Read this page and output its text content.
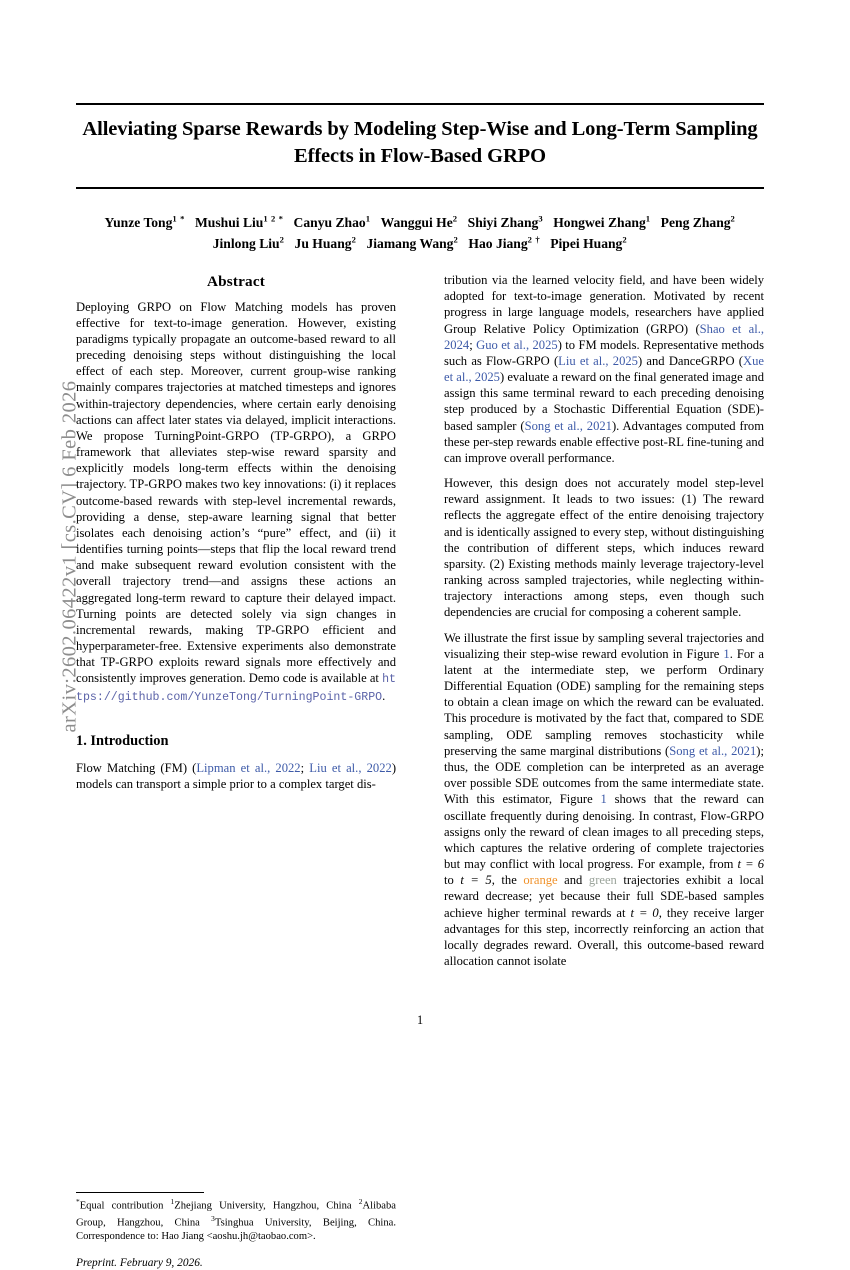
arXiv:2602.06422v1 [cs.CV] 6 Feb 2026
Alleviating Sparse Rewards by Modeling Step-Wise and Long-Term Sampling Effects in Flow-Based GRPO
Yunze Tong$^{1 *}$ Mushui Liu$^{1 2 *}$ Canyu Zhao$^1$ Wanggui He$^2$ Shiyi Zhang$^3$ Hongwei Zhang$^1$ Peng Zhang$^2$
Jinlong Liu$^2$ Ju Huang$^2$ Jiamang Wang$^2$ Hao Jiang$^{2 \dagger}$ Pipei Huang$^2$
Abstract
Deploying GRPO on Flow Matching models has proven effective for text-to-image generation. However, existing paradigms typically propagate an outcome-based reward to all preceding denoising steps without distinguishing the local effect of each step. Moreover, current group-wise ranking mainly compares trajectories at matched timesteps and ignores within-trajectory dependencies, where certain early denoising actions can affect later states via delayed, implicit interactions. We propose TurningPoint-GRPO (TP-GRPO), a GRPO framework that alleviates step-wise reward sparsity and explicitly models long-term effects within the denoising trajectory. TP-GRPO makes two key innovations: (i) it replaces outcome-based rewards with step-level incremental rewards, providing a dense, step-aware learning signal that better isolates each denoising action’s “pure” effect, and (ii) it identifies turning points—steps that flip the local reward trend and make subsequent reward evolution consistent with the overall trajectory trend—and assigns these actions an aggregated long-term reward to capture their delayed impact. Turning points are detected solely via sign changes in incremental rewards, making TP-GRPO efficient and hyperparameter-free. Extensive experiments also demonstrate that TP-GRPO exploits reward signals more effectively and consistently improves generation. Demo code is available at https://github.com/YunzeTong/TurningPoint-GRPO.
1. Introduction
Flow Matching (FM) (Lipman et al., 2022; Liu et al., 2022) models can transport a simple prior to a complex target dis-
*Equal contribution $^1$Zhejiang University, Hangzhou, China $^2$Alibaba Group, Hangzhou, China $^3$Tsinghua University, Beijing, China. Correspondence to: Hao Jiang <aoshu.jh@taobao.com>.
Preprint. February 9, 2026.
tribution via the learned velocity field, and have been widely adopted for text-to-image generation. Motivated by recent progress in large language models, researchers have applied Group Relative Policy Optimization (GRPO) (Shao et al., 2024; Guo et al., 2025) to FM models. Representative methods such as Flow-GRPO (Liu et al., 2025) and DanceGRPO (Xue et al., 2025) evaluate a reward on the final generated image and assign this same terminal reward to each preceding denoising step produced by a Stochastic Differential Equation (SDE)-based sampler (Song et al., 2021). Advantages computed from these per-step rewards enable effective post-RL fine-tuning and can improve overall performance.
However, this design does not accurately model step-level reward assignment. It leads to two issues: (1) The reward reflects the aggregate effect of the entire denoising trajectory and is identically assigned to every step, without distinguishing the contribution of different steps, which induces reward sparsity. (2) Existing methods mainly leverage trajectory-level ranking across sampled trajectories, while neglecting within-trajectory interactions among steps, even though such dependencies are crucial for composing a coherent sample.
We illustrate the first issue by sampling several trajectories and visualizing their step-wise reward evolution in Figure 1. For a latent at the intermediate step, we perform Ordinary Differential Equation (ODE) sampling for the remaining steps to obtain a clean image on which the reward can be evaluated. This procedure is motivated by the fact that, compared to SDE sampling, ODE sampling removes stochasticity while preserving the same marginal distributions (Song et al., 2021); thus, the ODE completion can be interpreted as an average over possible SDE outcomes from the same intermediate state. With this estimator, Figure 1 shows that the reward can oscillate frequently during denoising. In contrast, Flow-GRPO assigns only the reward of clean images to all preceding steps, which captures the relative ordering of complete trajectories but may conflict with local progress. For example, from t = 6 to t = 5, the orange and green trajectories exhibit a local reward decrease; yet because their full SDE-based samples achieve higher terminal rewards at t = 0, they receive larger advantages for this step, incorrectly reinforcing an action that locally degrades reward. Overall, this outcome-based reward allocation cannot isolate
1
